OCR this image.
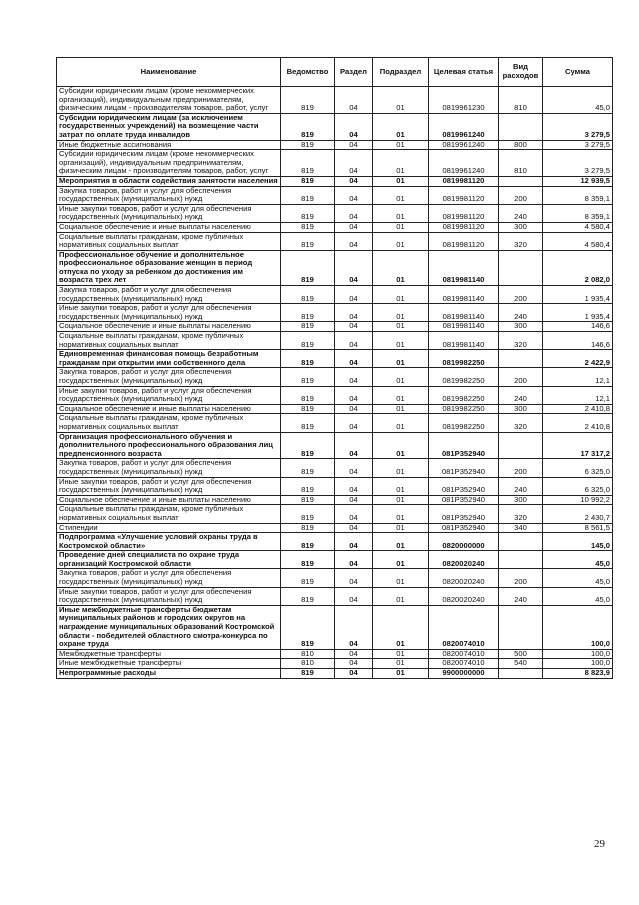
Наименование	Ведомство	Раздел	Подраздел	Целевая статья	Вид расходов	Сумма
Субсидии юридическим лицам (кроме некоммерческих организаций), индивидуальным предпринимателям, физическим лицам - производителям товаров, работ, услуг	819	04	01	0819961230	810	45,0
Субсидии юридическим лицам (за исключением государственных учреждений) на возмещение части затрат по оплате труда инвалидов	819	04	01	0819961240		3 279,5
Иные бюджетные ассигнования	819	04	01	0819961240	800	3 279,5
Субсидии юридическим лицам (кроме некоммерческих организаций), индивидуальным предпринимателям, физическим лицам - производителям товаров, работ, услуг	819	04	01	0819961240	810	3 279,5
Мероприятия в области содействия занятости населения	819	04	01	0819981120		12 939,5
Закупка товаров, работ и услуг для обеспечения государственных (муниципальных) нужд	819	04	01	0819981120	200	8 359,1
Иные закупки товаров, работ и услуг для обеспечения государственных (муниципальных) нужд	819	04	01	0819981120	240	8 359,1
Социальное обеспечение и иные выплаты населению	819	04	01	0819981120	300	4 580,4
Социальные выплаты гражданам, кроме публичных нормативных социальных выплат	819	04	01	0819981120	320	4 580,4
Профессиональное обучение и дополнительное профессиональное образование женщин в период отпуска по уходу за ребенком до достижения им возраста трех лет	819	04	01	0819981140		2 082,0
Закупка товаров, работ и услуг для обеспечения государственных (муниципальных) нужд	819	04	01	0819981140	200	1 935,4
Иные закупки товаров, работ и услуг для обеспечения государственных (муниципальных) нужд	819	04	01	0819981140	240	1 935,4
Социальное обеспечение и иные выплаты населению	819	04	01	0819981140	300	146,6
Социальные выплаты гражданам, кроме публичных нормативных социальных выплат	819	04	01	0819981140	320	146,6
Единовременная финансовая помощь безработным гражданам при открытии ими собственного дела	819	04	01	0819982250		2 422,9
Закупка товаров, работ и услуг для обеспечения государственных (муниципальных) нужд	819	04	01	0819982250	200	12,1
Иные закупки товаров, работ и услуг для обеспечения государственных (муниципальных) нужд	819	04	01	0819982250	240	12,1
Социальное обеспечение и иные выплаты населению	819	04	01	0819982250	300	2 410,8
Социальные выплаты гражданам, кроме публичных нормативных социальных выплат	819	04	01	0819982250	320	2 410,8
Организация профессионального обучения и дополнительного профессионального образования лиц предпенсионного возраста	819	04	01	081P352940		17 317,2
Закупка товаров, работ и услуг для обеспечения государственных (муниципальных) нужд	819	04	01	081P352940	200	6 325,0
Иные закупки товаров, работ и услуг для обеспечения государственных (муниципальных) нужд	819	04	01	081P352940	240	6 325,0
Социальное обеспечение и иные выплаты населению	819	04	01	081P352940	300	10 992,2
Социальные выплаты гражданам, кроме публичных нормативных социальных выплат	819	04	01	081P352940	320	2 430,7
Стипендии	819	04	01	081P352940	340	8 561,5
Подпрограмма «Улучшение условий охраны труда в Костромской области»	819	04	01	0820000000		145,0
Проведение дней специалиста по охране труда организаций Костромской области	819	04	01	0820020240		45,0
Закупка товаров, работ и услуг для обеспечения государственных (муниципальных) нужд	819	04	01	0820020240	200	45,0
Иные закупки товаров, работ и услуг для обеспечения государственных (муниципальных) нужд	819	04	01	0820020240	240	45,0
Иные межбюджетные трансферты бюджетам муниципальных районов и городских округов на награждение муниципальных образований Костромской области - победителей областного смотра-конкурса по охране труда	819	04	01	0820074010		100,0
Межбюджетные трансферты	810	04	01	0820074010	500	100,0
Иные межбюджетные трансферты	810	04	01	0820074010	540	100,0
Непрограммные расходы	819	04	01	9900000000		8 823,9
29
